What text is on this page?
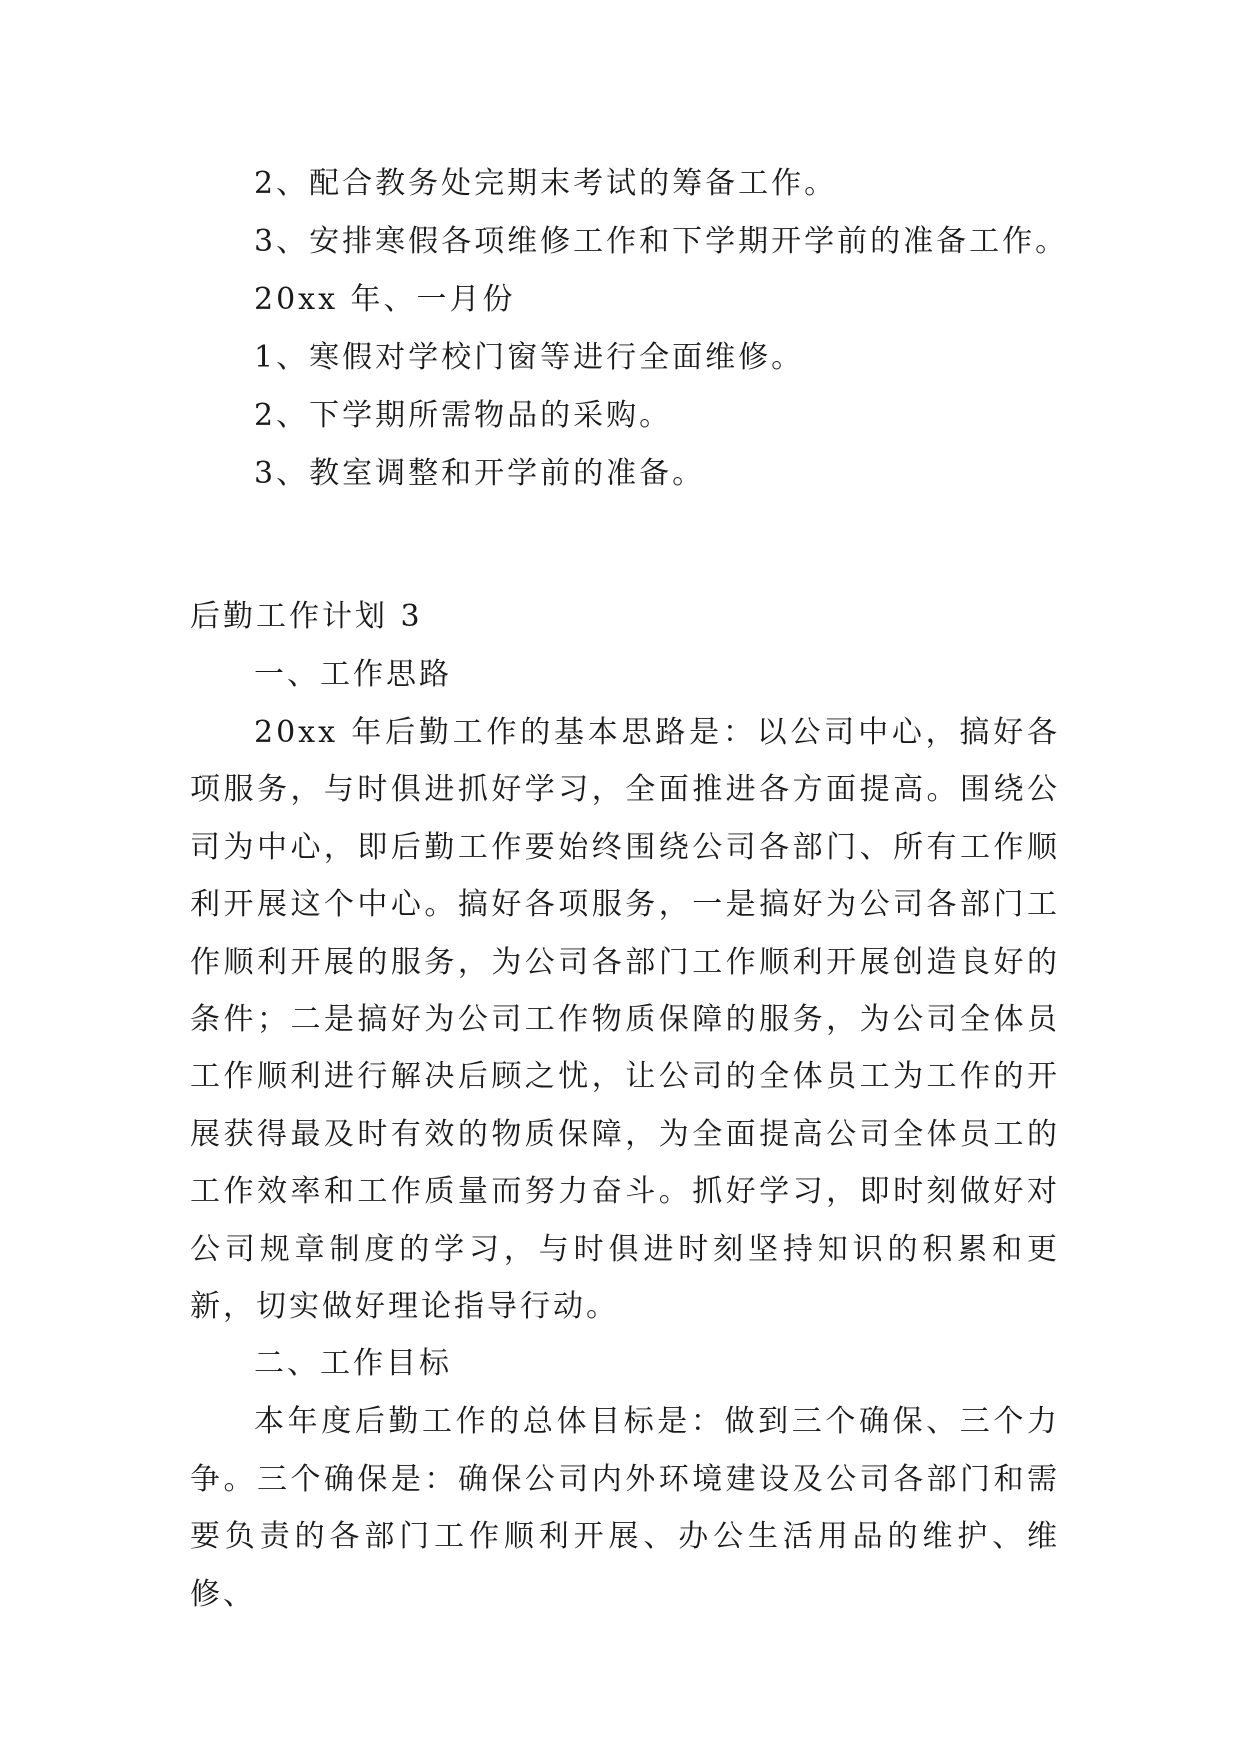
2、配合教务处完期末考试的筹备工作。
3、安排寒假各项维修工作和下学期开学前的准备工作。
20xx 年、一月份
1、寒假对学校门窗等进行全面维修。
2、下学期所需物品的采购。
3、教室调整和开学前的准备。
后勤工作计划 3
一、工作思路

20xx 年后勤工作的基本思路是：以公司中心，搞好各项服务，与时俱进抓好学习，全面推进各方面提高。围绕公司为中心，即后勤工作要始终围绕公司各部门、所有工作顺利开展这个中心。搞好各项服务，一是搞好为公司各部门工作顺利开展的服务，为公司各部门工作顺利开展创造良好的条件；二是搞好为公司工作物质保障的服务，为公司全体员工作顺利进行解决后顾之忧，让公司的全体员工为工作的开展获得最及时有效的物质保障，为全面提高公司全体员工的工作效率和工作质量而努力奋斗。抓好学习，即时刻做好对公司规章制度的学习，与时俱进时刻坚持知识的积累和更新，切实做好理论指导行动。

二、工作目标

本年度后勤工作的总体目标是：做到三个确保、三个力争。三个确保是：确保公司内外环境建设及公司各部门和需要负责的各部门工作顺利开展、办公生活用品的维护、维修、
